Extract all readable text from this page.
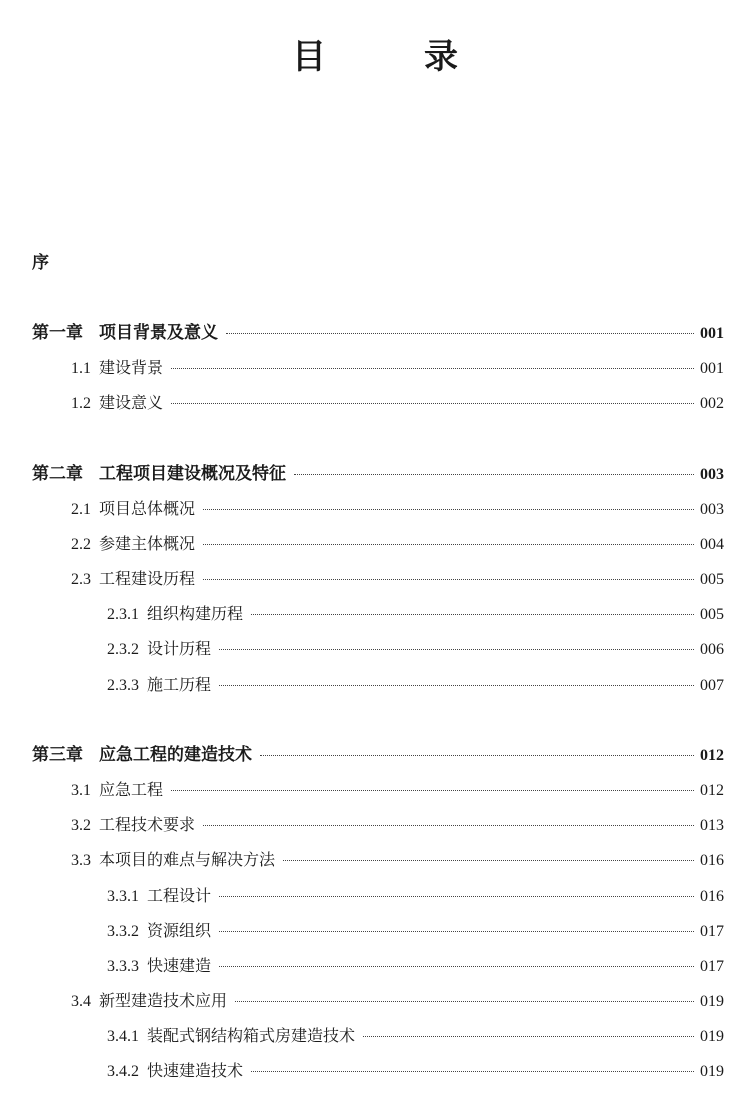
目　录
序
第一章 项目背景及意义	001
1.1 建设背景	001
1.2 建设意义	002
第二章 工程项目建设概况及特征	003
2.1 项目总体概况	003
2.2 参建主体概况	004
2.3 工程建设历程	005
2.3.1 组织构建历程	005
2.3.2 设计历程	006
2.3.3 施工历程	007
第三章 应急工程的建造技术	012
3.1 应急工程	012
3.2 工程技术要求	013
3.3 本项目的难点与解决方法	016
3.3.1 工程设计	016
3.3.2 资源组织	017
3.3.3 快速建造	017
3.4 新型建造技术应用	019
3.4.1 装配式钢结构箱式房建造技术	019
3.4.2 快速建造技术	019
